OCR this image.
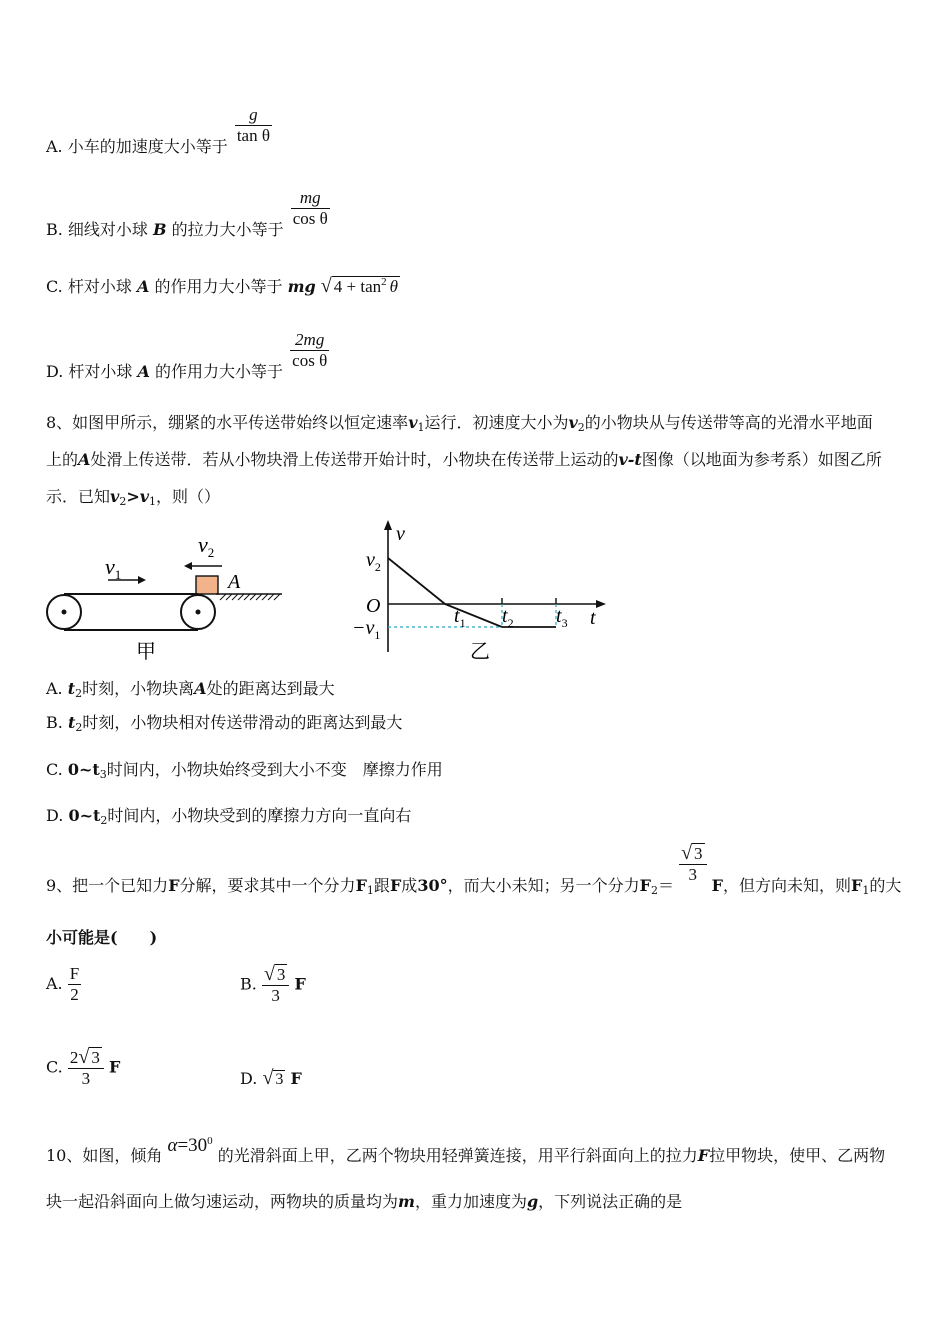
A. 小车的加速度大小等于
$\frac{g}{\text{tan θ}}$
B. 细线对小球 B 的拉力大小等于
$\frac{mg}{\text{cos θ}}$
C. 杆对小球 A 的作用力大小等于 mg √ $4 + \tan^2 \theta$
D. 杆对小球 A 的作用力大小等于
$\frac{2mg}{\text{cos θ}}$
8、如图甲所示，绷紧的水平传送带始终以恒定速率$v_1$运行．初速度大小为$v_2$的小物块从与传送带等高的光滑水平地面
上的A处滑上传送带．若从小物块滑上传送带开始计时，小物块在传送带上运动的v-t图像（以地面为参考系）如图乙所
示．已知$v_2>v_1$，则（）
$v_1$
$v_2$
A
甲
v
t
$v_2$
O
$-v_1$
$t_1$ $t_2$ $t_3$
乙
A. $t_2$时刻，小物块离A处的距离达到最大
B. $t_2$时刻，小物块相对传送带滑动的距离达到最大
C. $0\sim t_3$时间内，小物块始终受到大小不变　摩擦力作用
D. $0\sim t_2$时间内，小物块受到的摩擦力方向一直向右
9、把一个已知力F分解，要求其中一个分力$F_1$跟F成30°，而大小未知；另一个分力$F_2= \frac{√ 3}{3}$ F，但方向未知，则$F_1$的大
小可能是(　　)
A. $\frac{F}{2}$	B. $\frac{√ 3}{3}$ F
C. $\frac{2√ 3}{3}$ F
D. √ 3 F
10、如图，倾角 $\alpha=30^0$ 的光滑斜面上甲，乙两个物块用轻弹簧连接，用平行斜面向上的拉力F拉甲物块，使甲、乙两物
块一起沿斜面向上做匀速运动，两物块的质量均为m，重力加速度为g，下列说法正确的是
